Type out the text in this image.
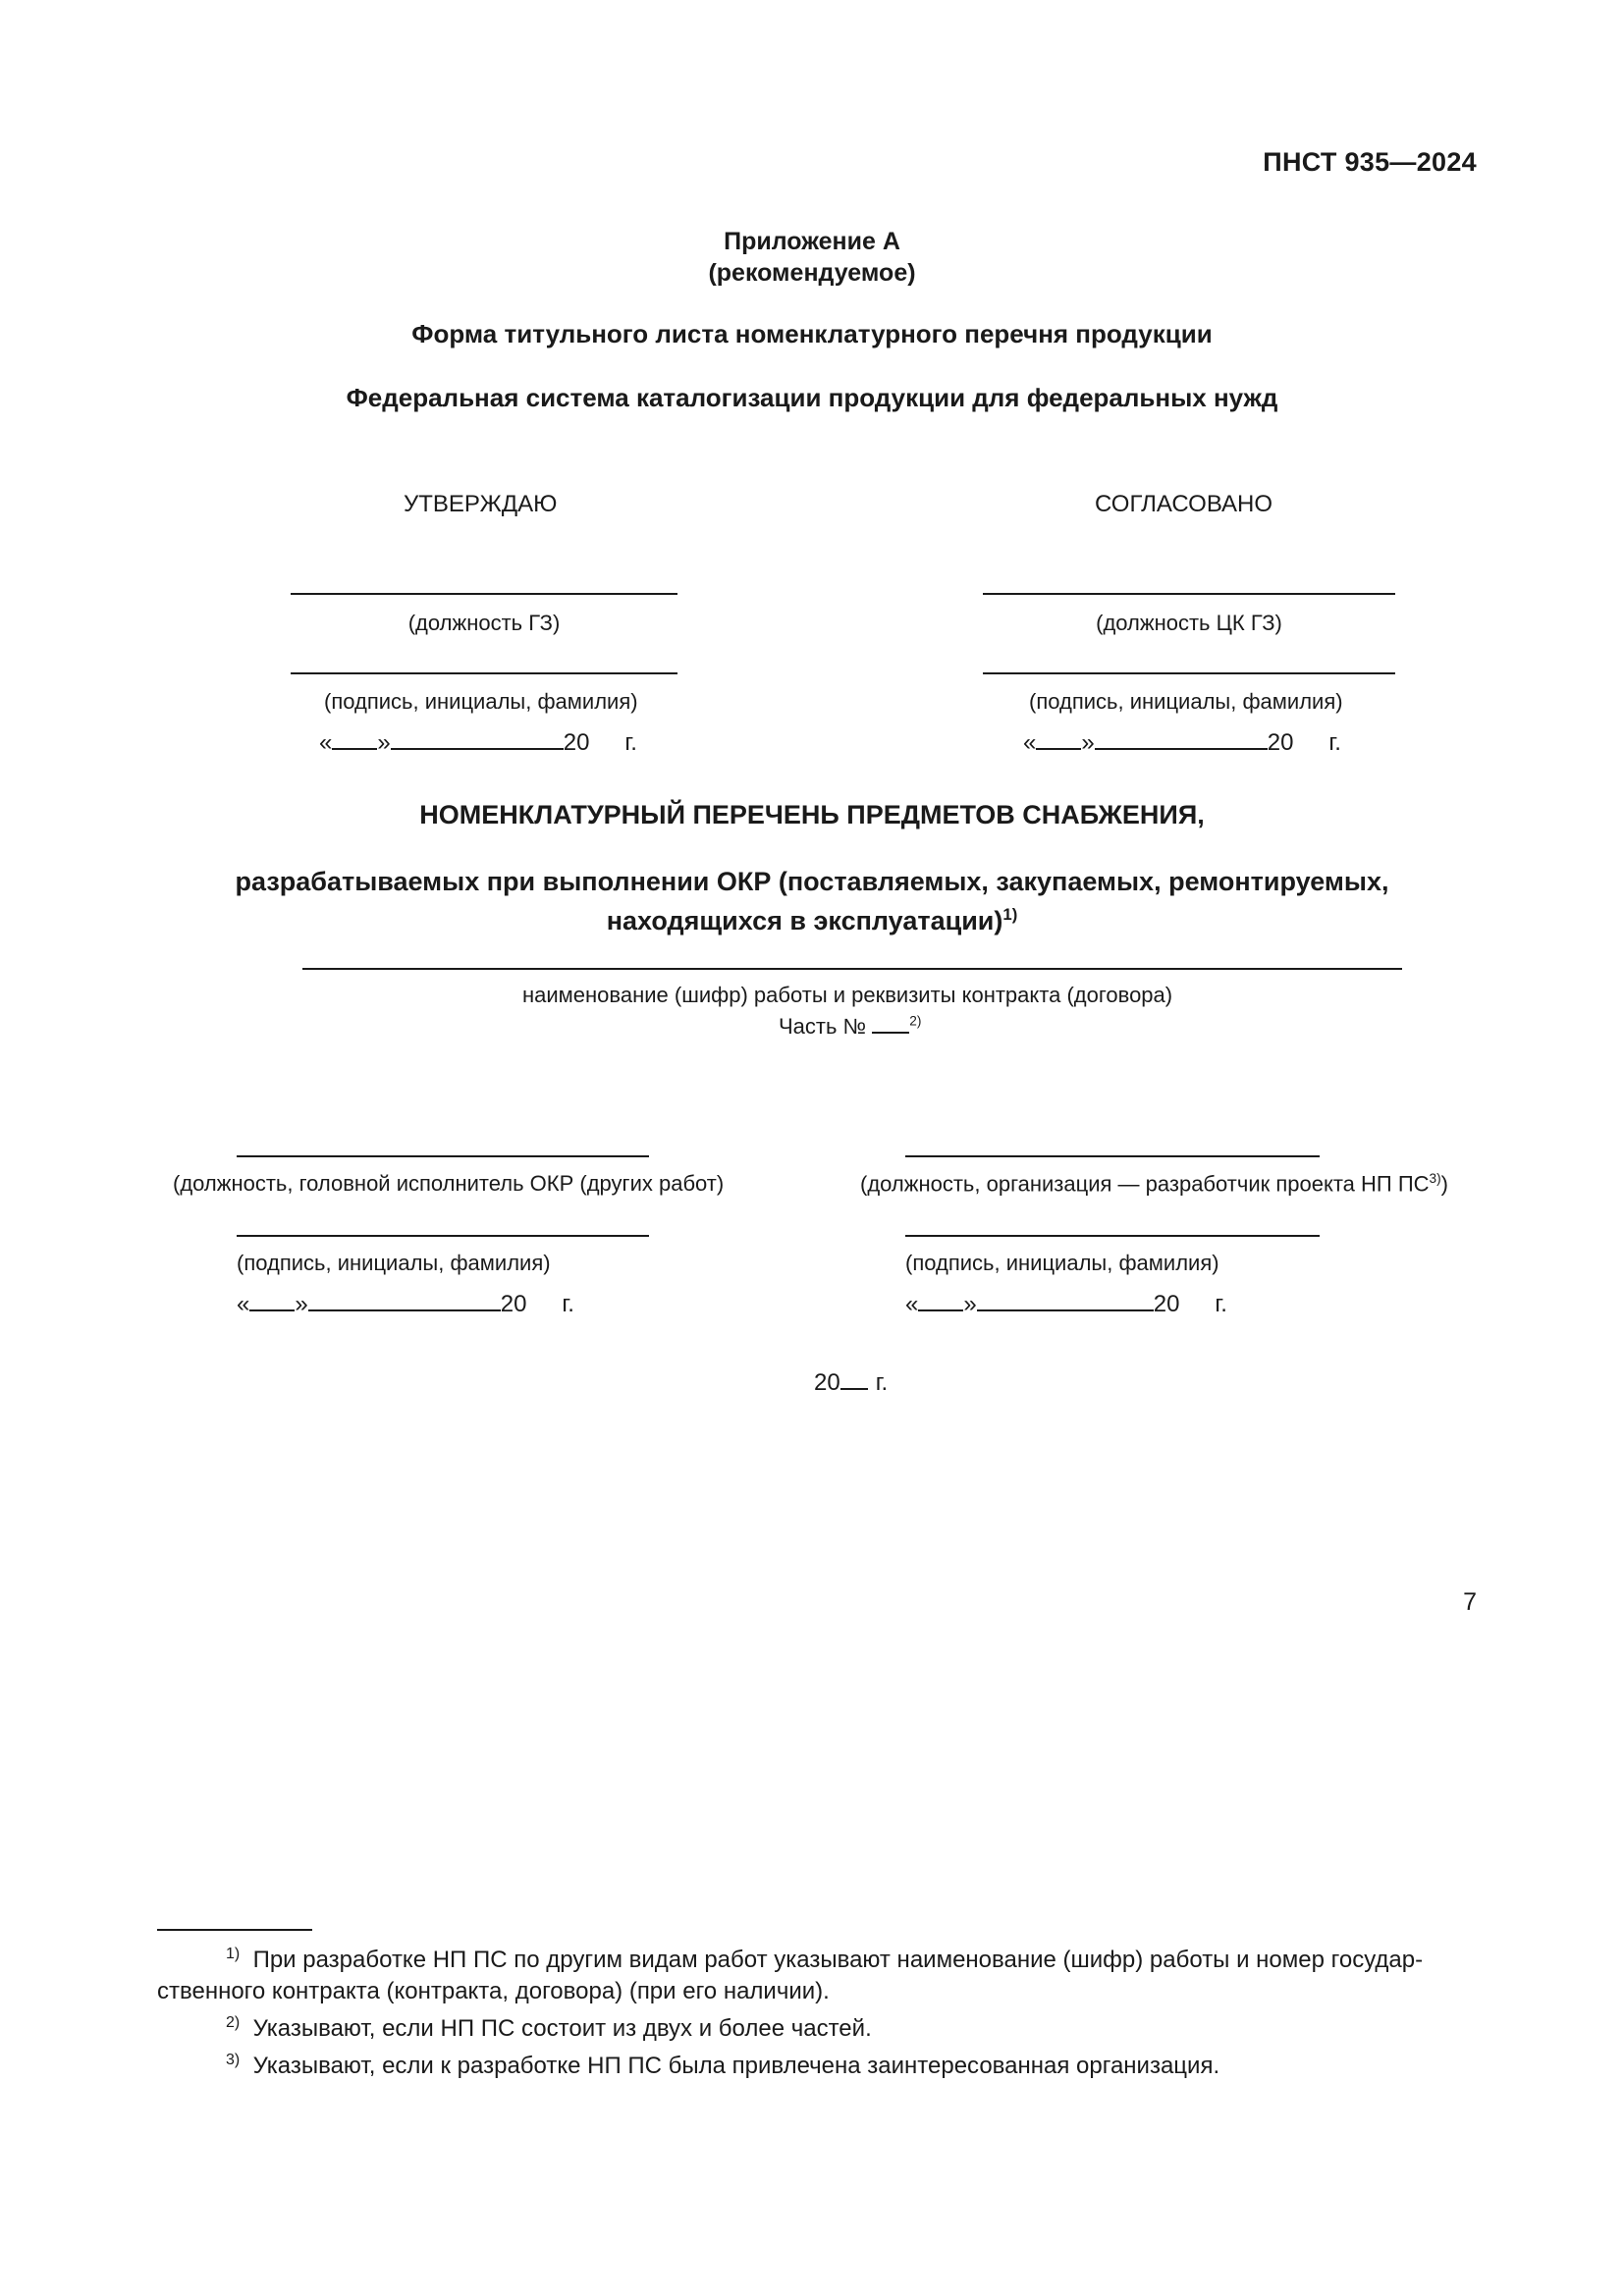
ПНСТ 935—2024
Приложение А
(рекомендуемое)
Форма титульного листа номенклатурного перечня продукции
Федеральная система каталогизации продукции для федеральных нужд
УТВЕРЖДАЮ
(должность ГЗ)
(подпись, инициалы, фамилия)
« »	20 г.
СОГЛАСОВАНО
(должность ЦК ГЗ)
(подпись, инициалы, фамилия)
« »	20 г.
НОМЕНКЛАТУРНЫЙ ПЕРЕЧЕНЬ ПРЕДМЕТОВ СНАБЖЕНИЯ,
разрабатываемых при выполнении ОКР (поставляемых, закупаемых, ремонтируемых,
находящихся в эксплуатации)$^{1)}$
наименование (шифр) работы и реквизиты контракта (договора)
Часть №	$^{2)}$
(должность, головной исполнитель ОКР (других работ)
(подпись, инициалы, фамилия)
« »	20 г.
(должность, организация — разработчик проекта НП ПС$^{3)}$)
(подпись, инициалы, фамилия)
« »	20 г.
20 г.
$^{1)}$ При разработке НП ПС по другим видам работ указывают наименование (шифр) работы и номер государ-
ственного контракта (контракта, договора) (при его наличии).
$^{2)}$ Указывают, если НП ПС состоит из двух и более частей.
$^{3)}$ Указывают, если к разработке НП ПС была привлечена заинтересованная организация.
7
